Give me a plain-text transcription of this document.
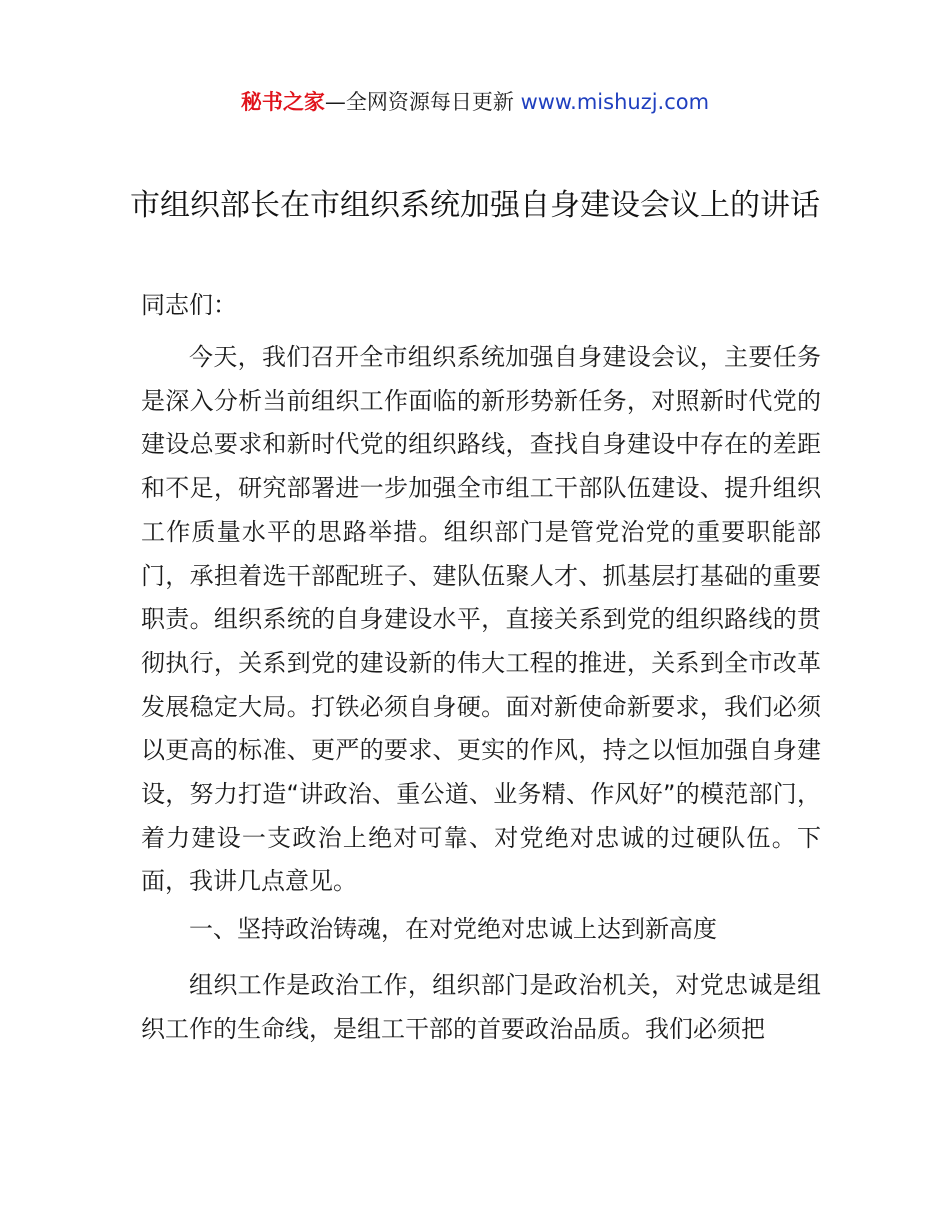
秘书之家—全网资源每日更新 www.mishuzj.com
市组织部长在市组织系统加强自身建设会议上的讲话
同志们：

今天，我们召开全市组织系统加强自身建设会议，主要任务是深入分析当前组织工作面临的新形势新任务，对照新时代党的建设总要求和新时代党的组织路线，查找自身建设中存在的差距和不足，研究部署进一步加强全市组工干部队伍建设、提升组织工作质量水平的思路举措。组织部门是管党治党的重要职能部门，承担着选干部配班子、建队伍聚人才、抓基层打基础的重要职责。组织系统的自身建设水平，直接关系到党的组织路线的贯彻执行，关系到党的建设新的伟大工程的推进，关系到全市改革发展稳定大局。打铁必须自身硬。面对新使命新要求，我们必须以更高的标准、更严的要求、更实的作风，持之以恒加强自身建设，努力打造“讲政治、重公道、业务精、作风好”的模范部门，着力建设一支政治上绝对可靠、对党绝对忠诚的过硬队伍。下面，我讲几点意见。

一、坚持政治铸魂，在对党绝对忠诚上达到新高度

组织工作是政治工作，组织部门是政治机关，对党忠诚是组织工作的生命线，是组工干部的首要政治品质。我们必须把
